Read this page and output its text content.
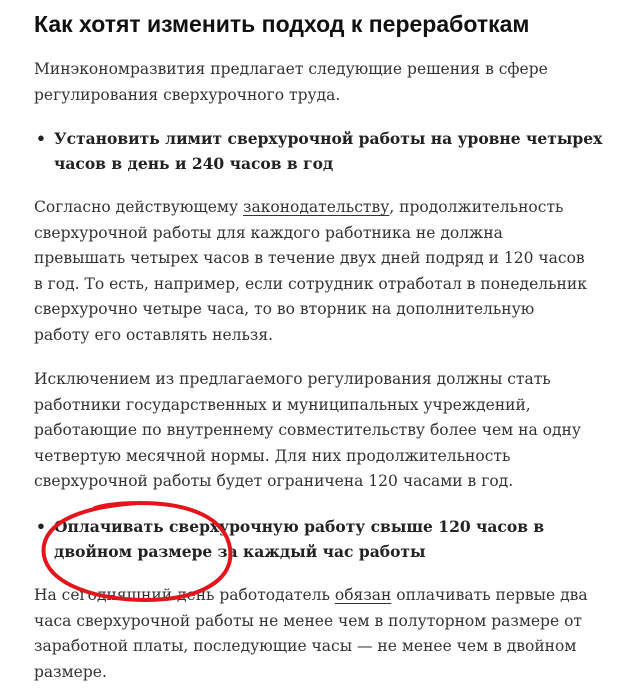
Как хотят изменить подход к переработкам

Минэкономразвития предлагает следующие решения в сфере
регулирования сверхурочного труда.

• Установить лимит сверхурочной работы на уровне четырех
часов в день и 240 часов в год

Согласно действующему законодательству, продолжительность
сверхурочной работы для каждого работника не должна
превышать четырех часов в течение двух дней подряд и 120 часов
в год. То есть, например, если сотрудник отработал в понедельник
сверхурочно четыре часа, то во вторник на дополнительную
работу его оставлять нельзя.

Исключением из предлагаемого регулирования должны стать
работники государственных и муниципальных учреждений,
работающие по внутреннему совместительству более чем на одну
четвертую месячной нормы. Для них продолжительность
сверхурочной работы будет ограничена 120 часами в год.

• Оплачивать сверхурочную работу свыше 120 часов в
двойном размере за каждый час работы

На сегодняшний день работодатель обязан оплачивать первые два
часа сверхурочной работы не менее чем в полуторном размере от
заработной платы, последующие часы — не менее чем в двойном
размере.
